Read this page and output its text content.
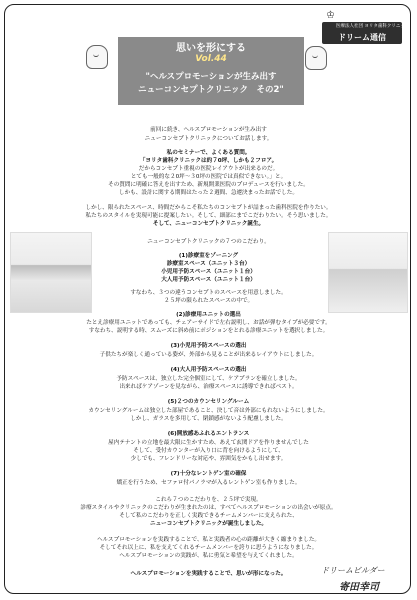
医療法人社団 ヨリタ歯科クリニック
ドリーム通信
♔
思いを形にする
Vol.44
"ヘルスプロモーションが生み出す
ニューコンセプトクリニック　その2"
前回に続き、ヘルスプロモーションが生み出す
ニューコンセプトクリニックについてお話します。
私のセミナーで、よくある質問。
「ヨリタ歯科クリニックは約７0坪、しかも２フロア。
だからコンセプト重視の医院レイアウトが出来るのだ。
とても一般的な２0坪～３0坪の医院では真似できない。」と。
その質問に明確に答えを出すため、新規開業医院のプロデュースを行いました。
しかも、設計に関する期間はたった２週間、急遽決まったお話でした。
しかし、限られたスペース、時間だからこそ私たちのコンセプトが詰まった歯科医院を作りたい。
私たちのスタイルを実現可能に提案したい。そして、細部にまでこだわりたい。そう思いました。
そして、ニューコンセプトクリニック誕生。
ニューコンセプトクリニックの７つのこだわり。
(1)診療室をゾーニング
診療室スペース（ユニット３台）
小児用予防スペース（ユニット１台）
大人用予防スペース（ユニット１台）
すなわち、３つの違うコンセプトのスペースを用意しました。
２５坪の限られたスペースの中で。
(2)診療用ユニットの選出
たとえ診療用ユニットであっても、チェアーサイドで左右説明し、お話が弾むタイプが必要です。
すなわち、説明する時、スムーズに斜め前にポジションをとれる診療ユニットを選択しました。
(3)小児用予防スペースの選出
子供たちが楽しく通っている姿が、外部から見ることが出来るレイアウトにしました。
(4)大人用予防スペースの選出
予防スペースは、独立した完全個室にして、ケアプランを確立しました。
出来ればケアゾーンを見ながら、治療スペースに誘導できればベスト。
(5)２つのカウンセリングルーム
カウンセリングルームは独立した部屋であること、決して音は外部にもれないようにしました。
しかし、ガラスを多用して、閉鎖感がないよう配慮しました。
(6)開放感あふれるエントランス
屋内テナントの立地を最大限に生かすため、あえて玄関ドアを作りませんでした
そして、受付カウンターが入り口に背を向けるようにして、
少しでも、フレンドリーな対応や、雰囲気をかもし出せます。
(7)十分なレントゲン室の確保
矯正を行うため、セファロ付パノラマが入るレントゲン室も作りました。
これら７つのこだわりを、２５坪で実現。
診療スタイルやクリニックのこだわりが生まれたのは、すべてヘルスプロモーションの出会いが原点。
そして私のこだわりを正しく実践できるチームメンバーに支えられた、
ニューコンセプトクリニックが誕生しました。
ヘルスプロモーションを実践することで、私と実践者の心の距離が大きく縮まりました。
そしてそれ以上に、私を支えてくれるチームメンバーを誇りに思うようになりました。
ヘルスプロモーションの実践が、私に勇気と希望を与えてくれました。
ヘルスプロモーションを実践することで、思いが形になった。	ドリームビルダー
寄田幸司
